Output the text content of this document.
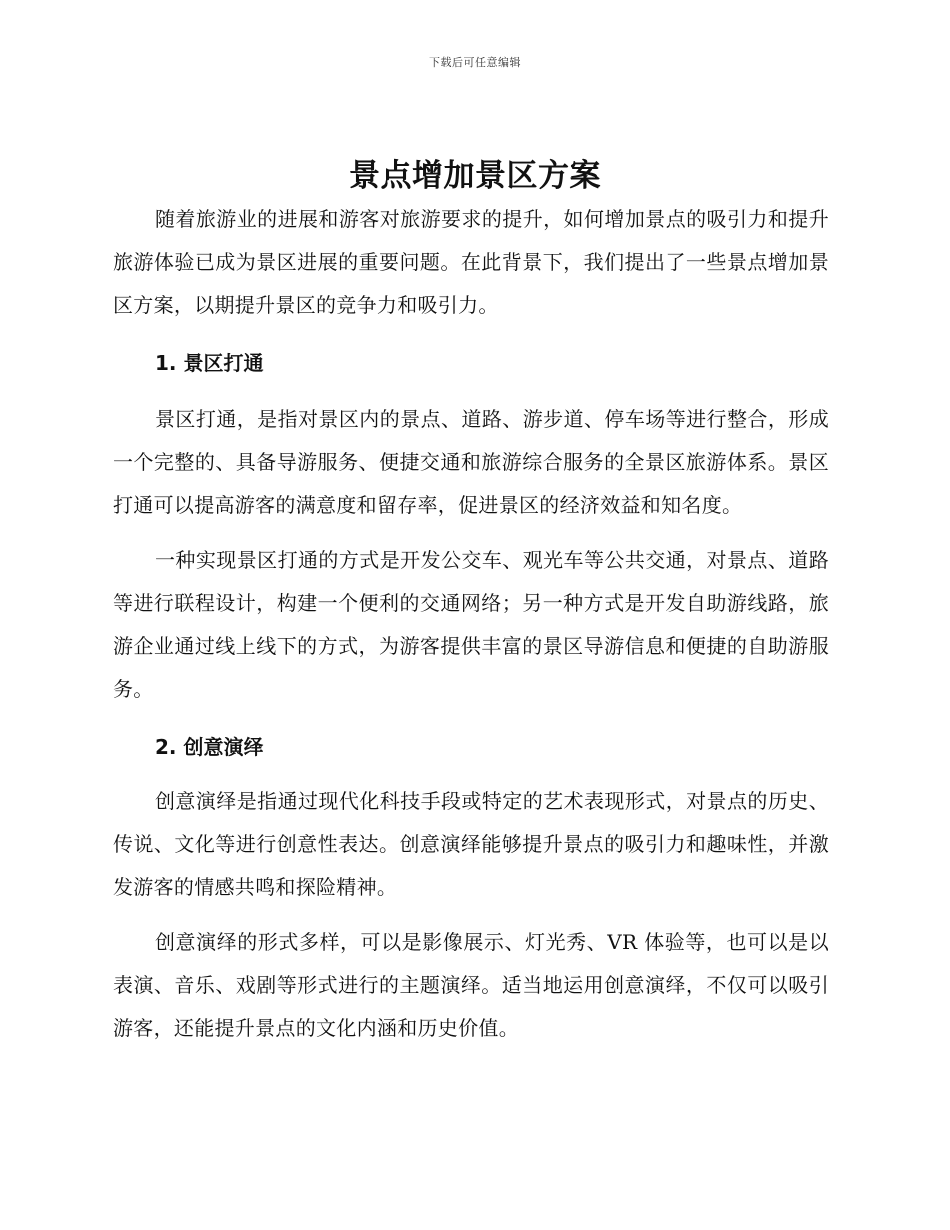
下载后可任意编辑
景点增加景区方案

随着旅游业的进展和游客对旅游要求的提升，如何增加景点的吸引力和提升旅游体验已成为景区进展的重要问题。在此背景下，我们提出了一些景点增加景区方案，以期提升景区的竞争力和吸引力。

1. 景区打通

景区打通，是指对景区内的景点、道路、游步道、停车场等进行整合，形成一个完整的、具备导游服务、便捷交通和旅游综合服务的全景区旅游体系。景区打通可以提高游客的满意度和留存率，促进景区的经济效益和知名度。

一种实现景区打通的方式是开发公交车、观光车等公共交通，对景点、道路等进行联程设计，构建一个便利的交通网络；另一种方式是开发自助游线路，旅游企业通过线上线下的方式，为游客提供丰富的景区导游信息和便捷的自助游服务。

2. 创意演绎

创意演绎是指通过现代化科技手段或特定的艺术表现形式，对景点的历史、传说、文化等进行创意性表达。创意演绎能够提升景点的吸引力和趣味性，并激发游客的情感共鸣和探险精神。

创意演绎的形式多样，可以是影像展示、灯光秀、VR 体验等，也可以是以表演、音乐、戏剧等形式进行的主题演绎。适当地运用创意演绎，不仅可以吸引游客，还能提升景点的文化内涵和历史价值。
